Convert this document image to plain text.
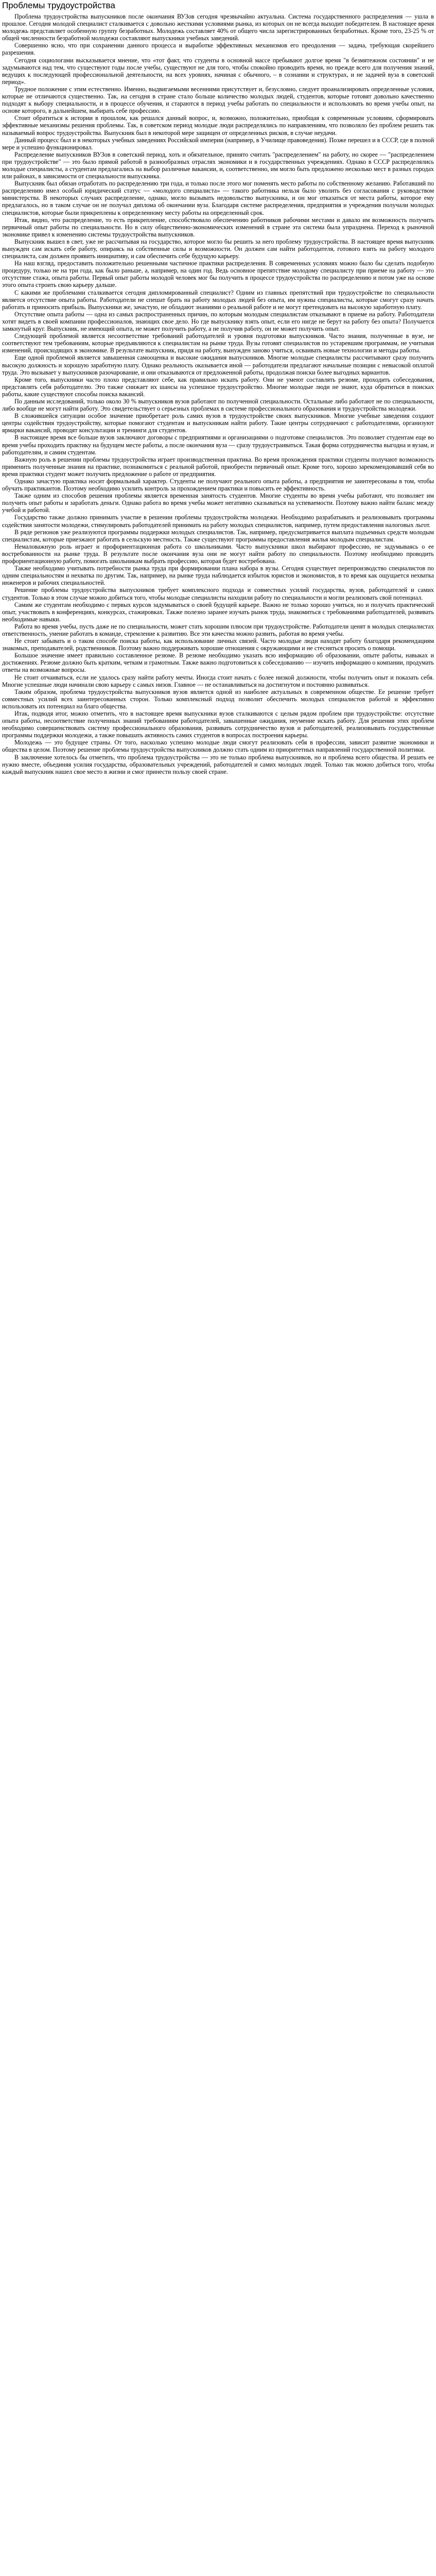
Проблемы трудоустройства

Проблема трудоустройства выпускников после окончания ВУЗов сегодня чрезвычайно актуальна. Система государственного распределения — ушла в прошлое. Сегодня молодой специалист сталкивается с довольно жесткими условиями рынка, из которых он не всегда выходит победителем. В настоящее время молодежь представляет особенную группу безработных. Молодежь составляет 40% от общего числа зарегистрированных безработных. Кроме того, 23-25 % от общей численности безработной молодежи составляют выпускники учебных заведений.

Совершенно ясно, что при сохранении данного процесса и выработке эффективных механизмов его преодоления — задача, требующая скорейшего разрешения.

Сегодня социологами высказывается мнение, что «тот факт, что студенты в основной массе пребывают долгое время "в безмятежном состоянии" и не задумываются над тем, что существуют годы после учебы, существуют не для того, чтобы спокойно проводить время, но прежде всего для получения знаний, ведущих к последующей профессиональной деятельности, на всех уровнях, начиная с обычного, – в сознании и структурах, и не задачей вуза в советский период».

Трудное положение с этим естественно. Именно, выдвигаемыми весенними присутствует и, безусловно, следует проанализировать определенные условия, которые не отличаются существенно. Так, на сегодня в стране стало больше количество молодых людей, студентов, которые готовят довольно качественно подходят к выбору специальности, и в процессе обучения, и стараются в период учебы работать по специальности и использовать во время учебы опыт, на основе которого, в дальнейшем, выбирать себе профессию.

Стоит обратиться к истории в прошлом, как решался данный вопрос, и, возможно, положительно, приобщая к современным условиям, сформировать эффективные механизмы решения проблемы. Так, в советском период молодые люди распределялись по направлениям, что позволяло без проблем решить так называемый вопрос трудоустройства. Выпускник был в некоторой мере защищен от определенных рисков, в случае неудачи.

Данный процесс был и в некоторых учебных заведениях Российской империи (например, в Училище правоведения). Позже перешел и в СССР, где в полной мере и успешно функционировал.

Распределение выпускников ВУЗов в советский период, хоть и обязательное, принято считать "распределением" на работу, но скорее — "распределением при трудоустройстве" — это было прямой работой в разнообразных отраслях экономики и в государственных учреждениях. Однако в СССР распределялись молодые специалисты, а студентам предлагались на выбор различные вакансии, и, соответственно, им могло быть предложено несколько мест в разных городах или районах, в зависимости от специальности выпускника.

Выпускник был обязан отработать по распределению три года, и только после этого мог поменять место работы по собственному желанию. Работавший по распределению имел особый юридический статус — «молодого специалиста» — такого работника нельзя было уволить без согласования с руководством министерства. В некоторых случаях распределение, однако, могло вызывать недовольство выпускника, и он мог отказаться от места работы, которое ему предлагалось, но в таком случае он не получал диплома об окончании вуза. Благодаря системе распределения, предприятия и учреждения получали молодых специалистов, которые были прикреплены к определенному месту работы на определенный срок.

Итак, видно, что распределение, то есть прикрепление, способствовало обеспечению работников рабочими местами и давало им возможность получить первичный опыт работы по специальности. Но в силу общественно-экономических изменений в стране эта система была упразднена. Переход к рыночной экономике привел к изменению системы трудоустройства выпускников.

Выпускник вышел в свет, уже не рассчитывая на государство, которое могло бы решить за него проблему трудоустройства. В настоящее время выпускник вынужден сам искать себе работу, опираясь на собственные силы и возможности. Он должен сам найти работодателя, готового взять на работу молодого специалиста, сам должен проявить инициативу, и сам обеспечить себе будущую карьеру.

На наш взгляд, предоставить положительно решенными частичное практики распределения. В современных условиях можно было бы сделать подобную процедуру, только не на три года, как было раньше, а, например, на один год. Ведь основное препятствие молодому специалисту при приеме на работу — это отсутствие стажа, опыта работы. Первый опыт работы молодой человек мог бы получить в процессе трудоустройства по распределению и потом уже на основе этого опыта строить свою карьеру дальше.

С какими же проблемами сталкивается сегодня дипломированный специалист? Одним из главных препятствий при трудоустройстве по специальности является отсутствие опыта работы. Работодатели не спешат брать на работу молодых людей без опыта, им нужны специалисты, которые смогут сразу начать работать и приносить прибыль. Выпускники же, зачастую, не обладают знаниями о реальной работе и не могут претендовать на высокую заработную плату.

Отсутствие опыта работы — одна из самых распространенных причин, по которым молодым специалистам отказывают в приеме на работу. Работодатели хотят видеть в своей компании профессионалов, знающих свое дело. Но где выпускнику взять опыт, если его нигде не берут на работу без опыта? Получается замкнутый круг. Выпускник, не имеющий опыта, не может получить работу, а не получив работу, он не может получить опыт.

Следующей проблемой является несоответствие требований работодателей и уровня подготовки выпускников. Часто знания, полученные в вузе, не соответствуют тем требованиям, которые предъявляются к специалистам на рынке труда. Вузы готовят специалистов по устаревшим программам, не учитывая изменений, происходящих в экономике. В результате выпускник, придя на работу, вынужден заново учиться, осваивать новые технологии и методы работы.

Еще одной проблемой является завышенная самооценка и высокие ожидания выпускников. Многие молодые специалисты рассчитывают сразу получить высокую должность и хорошую заработную плату. Однако реальность оказывается иной — работодатели предлагают начальные позиции с невысокой оплатой труда. Это вызывает у выпускников разочарование, и они отказываются от предложенной работы, продолжая поиски более выгодных вариантов.

Кроме того, выпускники часто плохо представляют себе, как правильно искать работу. Они не умеют составлять резюме, проходить собеседования, представлять себя работодателю. Это также снижает их шансы на успешное трудоустройство. Многие молодые люди не знают, куда обратиться в поисках работы, какие существуют способы поиска вакансий.

По данным исследований, только около 30 % выпускников вузов работают по полученной специальности. Остальные либо работают не по специальности, либо вообще не могут найти работу. Это свидетельствует о серьезных проблемах в системе профессионального образования и трудоустройства молодежи.

В сложившейся ситуации особое значение приобретает роль самих вузов в трудоустройстве своих выпускников. Многие учебные заведения создают центры содействия трудоустройству, которые помогают студентам и выпускникам найти работу. Такие центры сотрудничают с работодателями, организуют ярмарки вакансий, проводят консультации и тренинги для студентов.

В настоящее время все больше вузов заключают договоры с предприятиями и организациями о подготовке специалистов. Это позволяет студентам еще во время учебы проходить практику на будущем месте работы, а после окончания вуза — сразу трудоустраиваться. Такая форма сотрудничества выгодна и вузам, и работодателям, и самим студентам.

Важную роль в решении проблемы трудоустройства играет производственная практика. Во время прохождения практики студенты получают возможность применить полученные знания на практике, познакомиться с реальной работой, приобрести первичный опыт. Кроме того, хорошо зарекомендовавший себя во время практики студент может получить предложение о работе от предприятия.

Однако зачастую практика носит формальный характер. Студенты не получают реального опыта работы, а предприятия не заинтересованы в том, чтобы обучать практикантов. Поэтому необходимо усилить контроль за прохождением практики и повысить ее эффективность.

Также одним из способов решения проблемы является временная занятость студентов. Многие студенты во время учебы работают, что позволяет им получить опыт работы и заработать деньги. Однако работа во время учебы может негативно сказываться на успеваемости. Поэтому важно найти баланс между учебой и работой.

Государство также должно принимать участие в решении проблемы трудоустройства молодежи. Необходимо разрабатывать и реализовывать программы содействия занятости молодежи, стимулировать работодателей принимать на работу молодых специалистов, например, путем предоставления налоговых льгот.

В ряде регионов уже реализуются программы поддержки молодых специалистов. Так, например, предусматривается выплата подъемных средств молодым специалистам, которые приезжают работать в сельскую местность. Также существуют программы предоставления жилья молодым специалистам.

Немаловажную роль играет и профориентационная работа со школьниками. Часто выпускники школ выбирают профессию, не задумываясь о ее востребованности на рынке труда. В результате после окончания вуза они не могут найти работу по специальности. Поэтому необходимо проводить профориентационную работу, помогать школьникам выбрать профессию, которая будет востребована.

Также необходимо учитывать потребности рынка труда при формировании плана набора в вузы. Сегодня существует перепроизводство специалистов по одним специальностям и нехватка по другим. Так, например, на рынке труда наблюдается избыток юристов и экономистов, в то время как ощущается нехватка инженеров и рабочих специальностей.

Решение проблемы трудоустройства выпускников требует комплексного подхода и совместных усилий государства, вузов, работодателей и самих студентов. Только в этом случае можно добиться того, чтобы молодые специалисты находили работу по специальности и могли реализовать свой потенциал.

Самим же студентам необходимо с первых курсов задумываться о своей будущей карьере. Важно не только хорошо учиться, но и получать практический опыт, участвовать в конференциях, конкурсах, стажировках. Также полезно заранее изучать рынок труда, знакомиться с требованиями работодателей, развивать необходимые навыки.

Работа во время учебы, пусть даже не по специальности, может стать хорошим плюсом при трудоустройстве. Работодатели ценят в молодых специалистах ответственность, умение работать в команде, стремление к развитию. Все эти качества можно развить, работая во время учебы.

Не стоит забывать и о таком способе поиска работы, как использование личных связей. Часто молодые люди находят работу благодаря рекомендациям знакомых, преподавателей, родственников. Поэтому важно поддерживать хорошие отношения с окружающими и не стесняться просить о помощи.

Большое значение имеет правильно составленное резюме. В резюме необходимо указать всю информацию об образовании, опыте работы, навыках и достижениях. Резюме должно быть кратким, четким и грамотным. Также важно подготовиться к собеседованию — изучить информацию о компании, продумать ответы на возможные вопросы.

Не стоит отчаиваться, если не удалось сразу найти работу мечты. Иногда стоит начать с более низкой должности, чтобы получить опыт и показать себя. Многие успешные люди начинали свою карьеру с самых низов. Главное — не останавливаться на достигнутом и постоянно развиваться.

Таким образом, проблема трудоустройства выпускников вузов является одной из наиболее актуальных в современном обществе. Ее решение требует совместных усилий всех заинтересованных сторон. Только комплексный подход позволит обеспечить молодых специалистов работой и эффективно использовать их потенциал на благо общества.

Итак, подводя итог, можно отметить, что в настоящее время выпускники вузов сталкиваются с целым рядом проблем при трудоустройстве: отсутствие опыта работы, несоответствие полученных знаний требованиям работодателей, завышенные ожидания, неумение искать работу. Для решения этих проблем необходимо совершенствовать систему профессионального образования, развивать сотрудничество вузов и работодателей, реализовывать государственные программы поддержки молодежи, а также повышать активность самих студентов в вопросах построения карьеры.

Молодежь — это будущее страны. От того, насколько успешно молодые люди смогут реализовать себя в профессии, зависит развитие экономики и общества в целом. Поэтому решение проблемы трудоустройства выпускников должно стать одним из приоритетных направлений государственной политики.

В заключение хотелось бы отметить, что проблема трудоустройства — это не только проблема выпускников, но и проблема всего общества. И решать ее нужно вместе, объединяя усилия государства, образовательных учреждений, работодателей и самих молодых людей. Только так можно добиться того, чтобы каждый выпускник нашел свое место в жизни и смог принести пользу своей стране.
